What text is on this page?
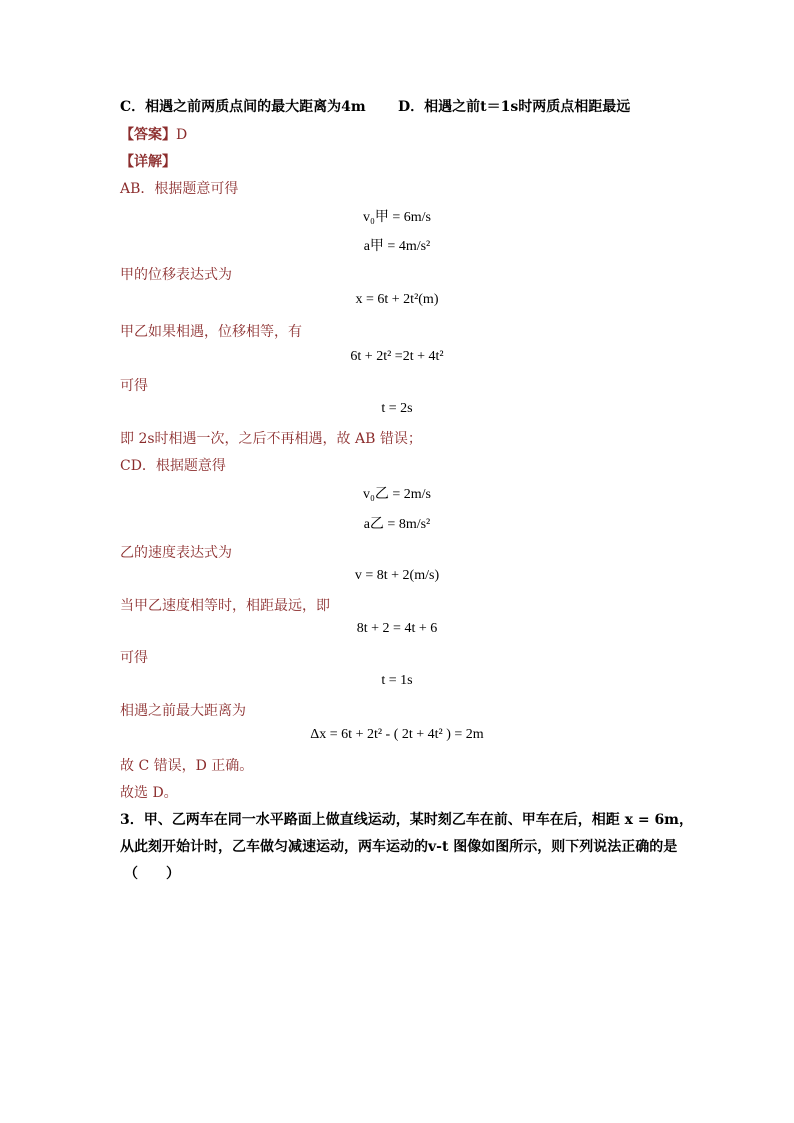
C．相遇之前两质点间的最大距离为4m D．相遇之前t＝1s时两质点相距最远
【答案】D
【详解】
AB．根据题意可得
v₀甲 = 6m/s
a甲 = 4m/s²
甲的位移表达式为
x = 6t + 2t²(m)
甲乙如果相遇，位移相等，有
6t + 2t² =2t + 4t²
可得
t = 2s
即 2s时相遇一次，之后不再相遇，故 AB 错误；
CD．根据题意得
v₀乙 = 2m/s
a乙 = 8m/s²
乙的速度表达式为
v = 8t + 2(m/s)
当甲乙速度相等时，相距最远，即
8t + 2 = 4t + 6
可得
t = 1s
相遇之前最大距离为
Δx = 6t + 2t² - ( 2t + 4t² ) = 2m
故 C 错误，D 正确。
故选 D。
3．甲、乙两车在同一水平路面上做直线运动，某时刻乙车在前、甲车在后，相距 x = 6m，
从此刻开始计时，乙车做匀减速运动，两车运动的v-t 图像如图所示，则下列说法正确的是
（　　）
